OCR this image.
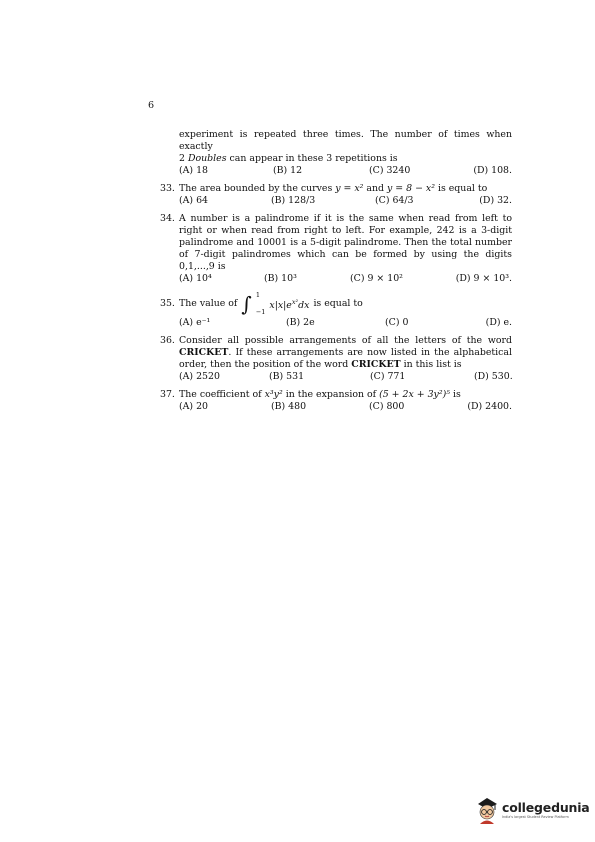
6

experiment is repeated three times. The number of times when exactly

2 Doubles can appear in these 3 repetitions is

(A) 18	(B) 12	(C) 3240	(D) 108.
33. The area bounded by the curves y = x² and y = 8 − x² is equal to

(A) 64	(B) 128/3	(C) 64/3	(D) 32.
34. A number is a palindrome if it is the same when read from left to right or when read from right to left. For example, 242 is a 3-digit palindrome and 10001 is a 5-digit palindrome. Then the total number of 7-digit palindromes which can be formed by using the digits 0,1,...,9 is

(A) 10⁴	(B) 10³	(C) 9 × 10²	(D) 9 × 10³.
35. The value of ∫ 1
−1
$x|x|e^{x^2}dx$ is equal to
(A) e⁻¹	(B) 2e	(C) 0	(D) e.
36. Consider all possible arrangements of all the letters of the word CRICKET. If these arrangements are now listed in the alphabetical order, then the position of the word CRICKET in this list is

(A) 2520	(B) 531	(C) 771	(D) 530.
37. The coefficient of x³y² in the expansion of (5 + 2x + 3y²)⁵ is

(A) 20	(B) 480	(C) 800	(D) 2400.
collegedunia
India's largest Student Review Platform
